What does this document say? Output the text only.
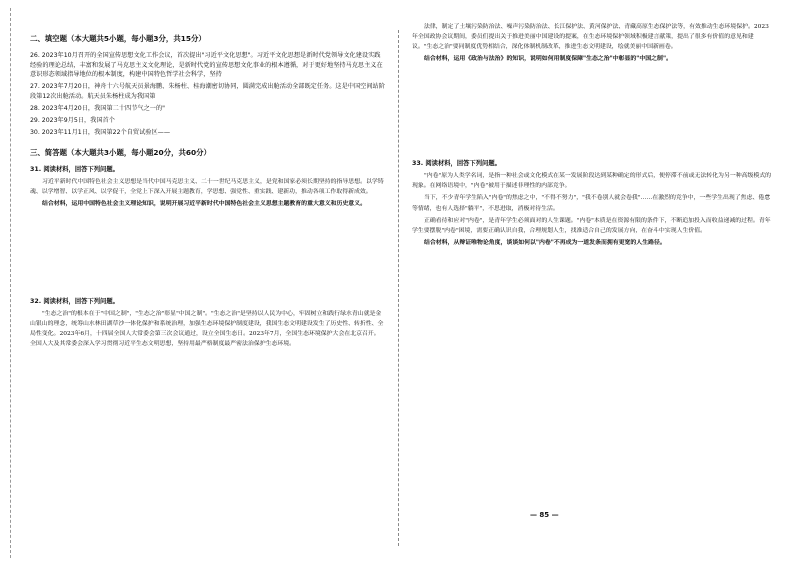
二、填空题（本大题共5小题，每小题3分，共15分）
26. 2023年10月召开的全国宣传思想文化工作会议，首次提出"习近平文化思想"。习近平文化思想是新时代党领导文化建设实践经验的理论总结，丰富和发展了马克思主义文化理论，是新时代党的宣传思想文化事业的根本遵循，对于更好地坚持马克思主义在意识形态领域指导地位的根本制度，构建中国特色哲学社会科学，坚持
27. 2023年7月20日，神舟十六号航天员景海鹏、朱杨柱、桂海潮密切协同，圆满完成出舱活动全部既定任务。这是中国空间站阶段第12次出舱活动。航天员朱杨柱成为我国第
28. 2023年4月20日，我国第二十四节气之一的"
29. 2023年9月5日，我国首个
30. 2023年11月1日，我国第22个自贸试验区——
三、简答题（本大题共3小题，每小题20分，共60分）
31. 阅读材料，回答下列问题。
习近平新时代中国特色社会主义思想是当代中国马克思主义、二十一世纪马克思主义，是党和国家必须长期坚持的指导思想。以学铸魂、以学增智、以学正风、以学促干，全党上下深入开展主题教育，学思想、强党性、重实践、建新功，推动各项工作取得新成效。
结合材料，运用中国特色社会主义理论知识，说明开展习近平新时代中国特色社会主义思想主题教育的重大意义和历史意义。
32. 阅读材料，回答下列问题。
"生态之治"的根本在于"中国之制"，"生态之治"彰显"中国之制"。"生态之治"是坚持以人民为中心，牢固树立和践行绿水青山就是金山银山的理念，统筹山水林田湖草沙一体化保护和系统治理，加强生态环境保护制度建设，我国生态文明建设发生了历史性、转折性、全局性变化。2023年6月，十四届全国人大常委会第三次会议通过，设立全国生态日。2023年7月，全国生态环境保护大会在北京召开。全国人大及其常委会深入学习贯彻习近平生态文明思想，坚持用最严格制度最严密法治保护生态环境。
法律，制定了土壤污染防治法、噪声污染防治法、长江保护法、黄河保护法、青藏高原生态保护法等，有效推动生态环境保护。2023年全国政协会议期间，委员们提出关于推进美丽中国建设的提案，在生态环境保护领域积极建言献策，提出了很多有价值的意见和建议。"生态之治"要同制度优势相结合，深化体制机制改革，推进生态文明建设，绘就美丽中国新画卷。
结合材料，运用《政治与法治》的知识，说明如何用制度保障"生态之治"中彰显的"中国之制"。
33. 阅读材料，回答下列问题。
"内卷"原为人类学名词，是指一种社会或文化模式在某一发展阶段达到某种确定的形式后，便停滞不前或无法转化为另一种高级模式的现象。在网络语境中，"内卷"被用于描述非理性的内部竞争。
当下，不少青年学生陷入"内卷"的焦虑之中，"不得不努力"，"我不卷别人就会卷我"……在激烈的竞争中，一些学生出现了焦虑、倦怠等情绪，也有人选择"躺平"，不思进取，消极对待生活。
正确看待和应对"内卷"，是青年学生必须面对的人生课题。"内卷"本质是在资源有限的条件下，不断追加投入而收益递减的过程。青年学生要摆脱"内卷"困境，需要正确认识自我，合理规划人生，找准适合自己的发展方向，在奋斗中实现人生价值。
结合材料，从辩证唯物论角度，谈谈如何以"内卷"不再成为一道发条而拥有更宽的人生路径。
— 85 —
